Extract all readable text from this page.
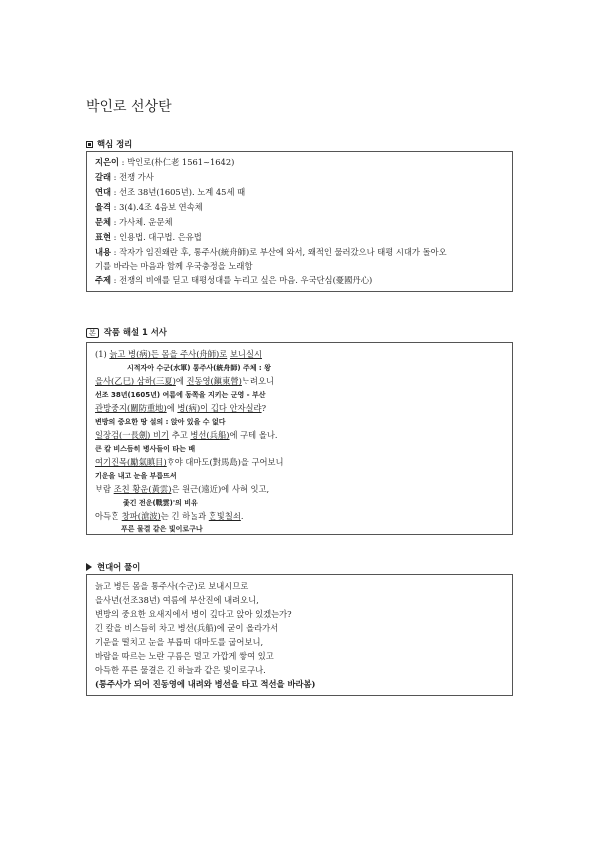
박인로 선상탄
핵심 정리
지은이 : 박인로(朴仁老 1561~1642)
갈래 : 전쟁 가사
연대 : 선조 38년(1605년). 노계 45세 때
율격 : 3(4).4조 4음보 연속체
문체 : 가사체. 운문체
표현 : 인용법. 대구법. 은유법
내용 : 작자가 임진왜란 후, 통주사(統舟師)로 부산에 와서, 왜적인 물러갔으나 태평 시대가 돌아오
기를 바라는 마음과 함께 우국충정을 노래함
주제 : 전쟁의 비애를 딛고 태평성대를 누리고 싶은 마음. 우국단심(憂國丹心)
본 작품 해설 1 서사
(1) 늙고 병(病)든 몸을 주사(舟師)로 보니실시
시적자아 수군(水軍) 통주사(統舟師) 주체 : 왕
을사(乙巳) 삼하(三夏)에 진동영(鎭東營)ᄂᆞ려오니
선조 38년(1605년) 여름에 동쪽을 지키는 군영 - 부산
관방중지(關防重地)에 병(病)이 깁다 안자실랴?
변방의 중요한 땅 설의 : 앉아 있을 수 없다
일장검(一長劍) 비기 추고 병선(兵船)에 구테 올나.
큰 칼 비스듬히 병사들이 타는 배
여기진목(勵氣瞋目)ᄒᆞ야 대마도(對馬島)을 구어보니
기운을 내고 눈을 부릅뜨셔
ᄇᆞ람 조친 황운(黃雲)은 원근(遠近)에 사혀 잇고,
좇긴 전운(戰雲)'의 비유
아득ᄒᆞᆫ 창파(滄波)는 긴 하ᄂᆞᆯ과 ᄒᆞᆫ빛칠쇠.
푸른 물결 같은 빛이로구나
현대어 풀이
늙고 병든 몸을 통주사(수군)로 보내시므로
을사년(선조38년) 여름에 부산진에 내려오니,
변방의 중요한 요새지에서 병이 깊다고 앉아 있겠는가?
긴 칼을 비스듬히 차고 병선(兵船)에 굳이 올라가서
기운을 떨치고 눈을 부릅떠 대마도를 굽어보니,
바람을 따르는 노란 구름은 멀고 가깝게 쌓여 있고
아득한 푸른 물결은 긴 하늘과 같은 빛이로구나.
(통주사가 되어 진동영에 내려와 병선을 타고 적선을 바라봄)
